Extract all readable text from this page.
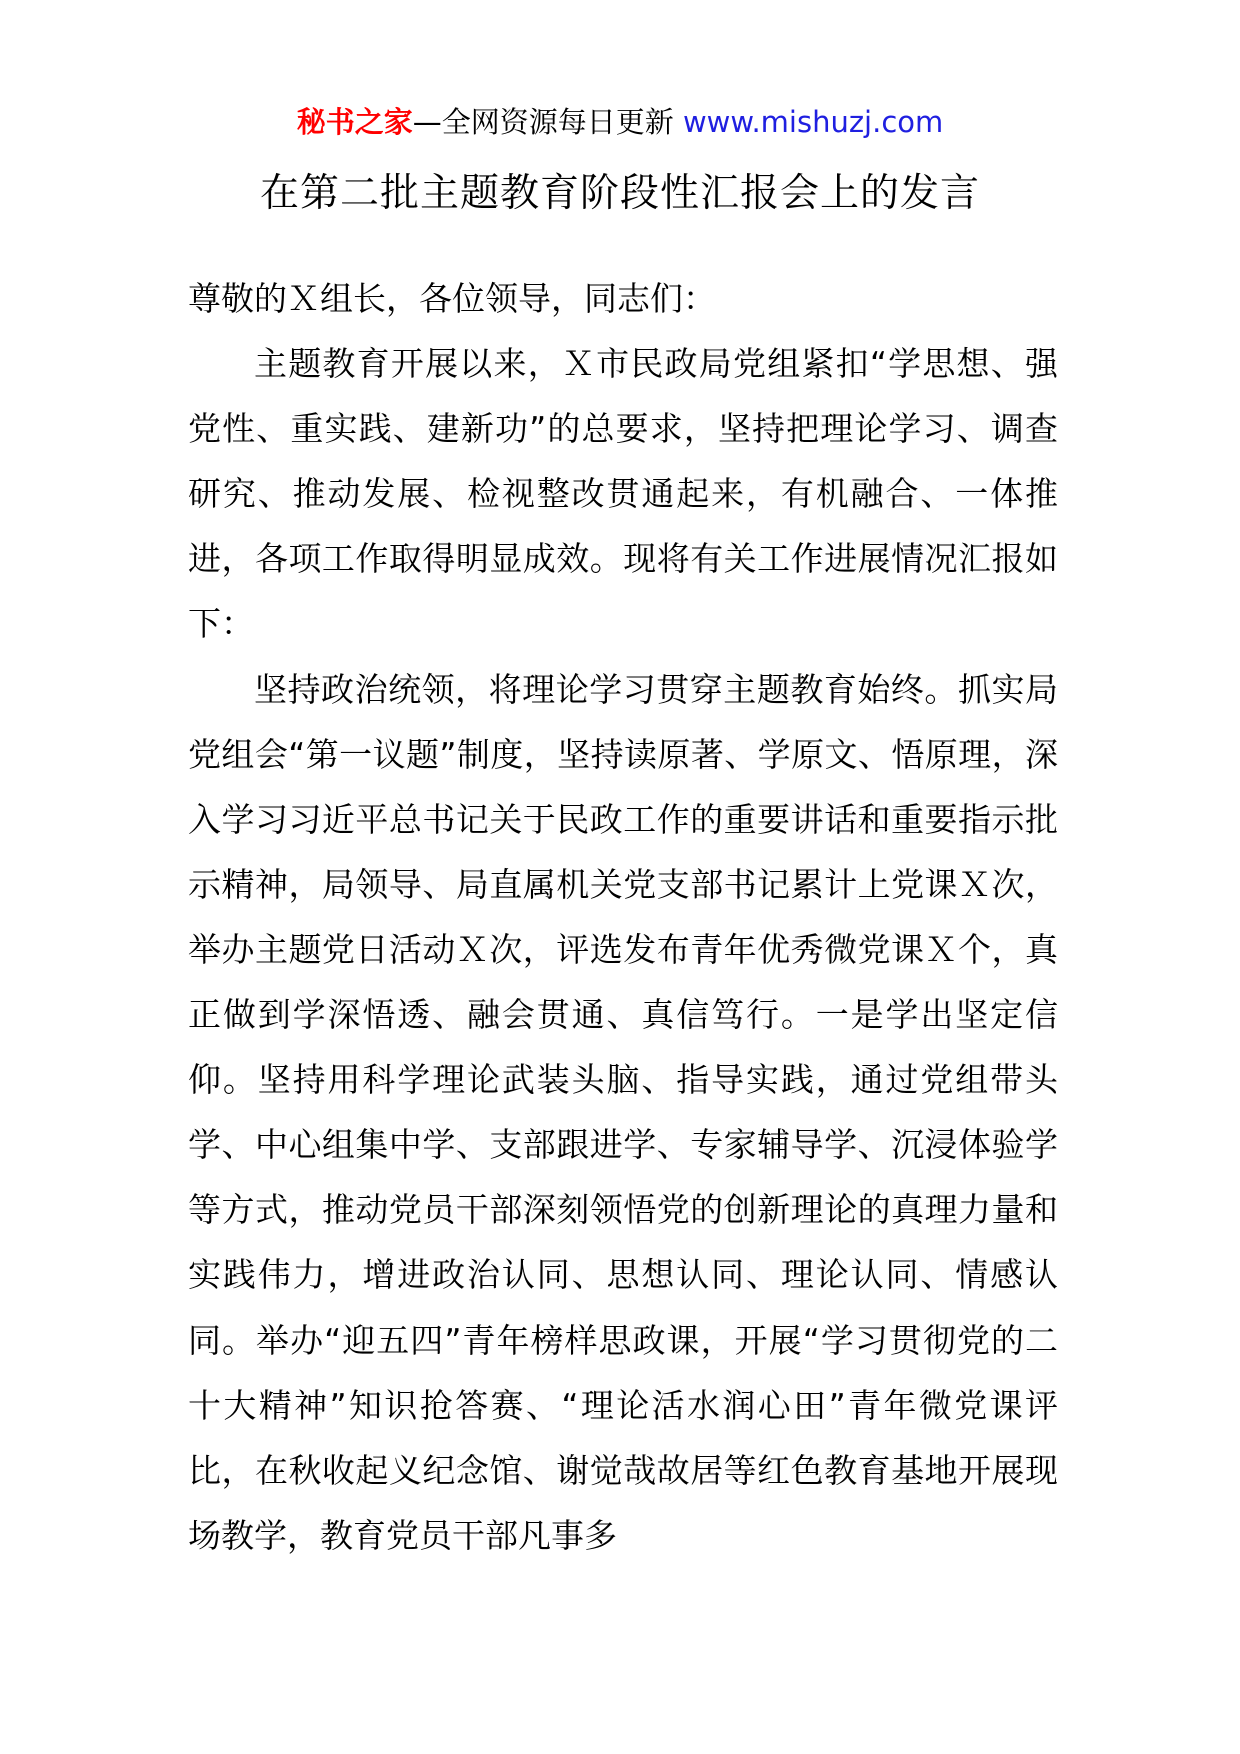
秘书之家—全网资源每日更新 www.mishuzj.com
在第二批主题教育阶段性汇报会上的发言

尊敬的Ｘ组长，各位领导，同志们：

主题教育开展以来，Ｘ市民政局党组紧扣“学思想、强党性、重实践、建新功”的总要求，坚持把理论学习、调查研究、推动发展、检视整改贯通起来，有机融合、一体推进，各项工作取得明显成效。现将有关工作进展情况汇报如下：

坚持政治统领，将理论学习贯穿主题教育始终。抓实局党组会“第一议题”制度，坚持读原著、学原文、悟原理，深入学习习近平总书记关于民政工作的重要讲话和重要指示批示精神，局领导、局直属机关党支部书记累计上党课Ｘ次，举办主题党日活动Ｘ次，评选发布青年优秀微党课Ｘ个，真正做到学深悟透、融会贯通、真信笃行。一是学出坚定信仰。坚持用科学理论武装头脑、指导实践，通过党组带头学、中心组集中学、支部跟进学、专家辅导学、沉浸体验学等方式，推动党员干部深刻领悟党的创新理论的真理力量和实践伟力，增进政治认同、思想认同、理论认同、情感认同。举办“迎五四”青年榜样思政课，开展“学习贯彻党的二十大精神”知识抢答赛、“理论活水润心田”青年微党课评比，在秋收起义纪念馆、谢觉哉故居等红色教育基地开展现场教学，教育党员干部凡事多
